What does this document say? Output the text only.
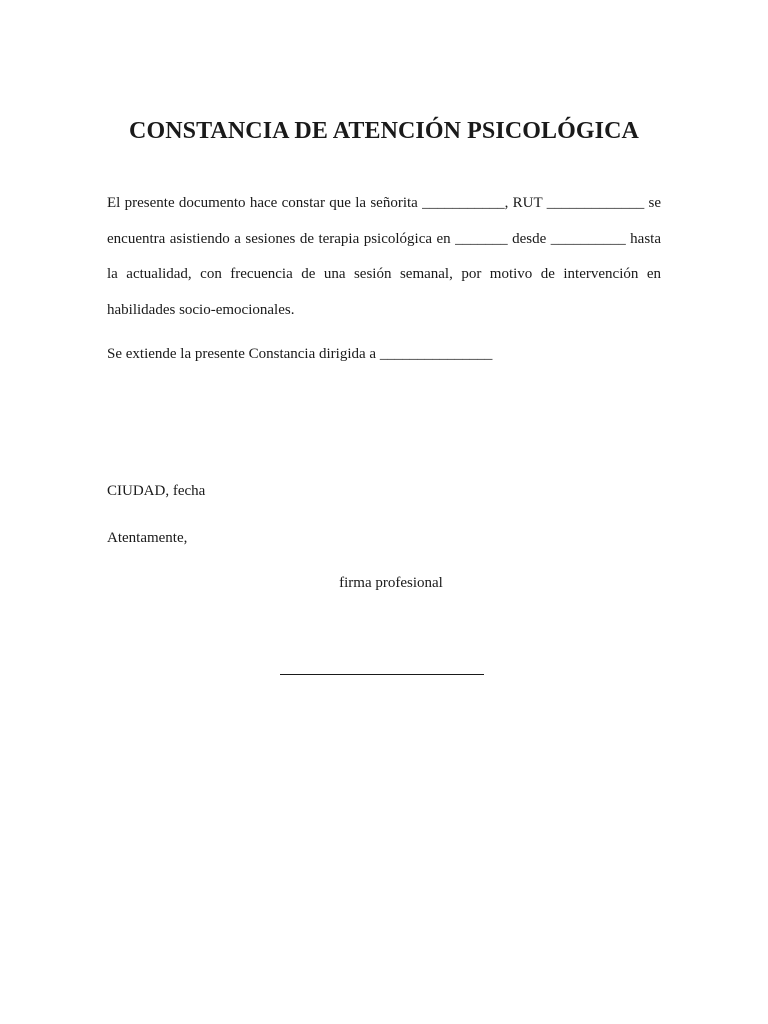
CONSTANCIA DE ATENCIÓN PSICOLÓGICA

El presente documento hace constar que la señorita ___________, RUT _____________ se encuentra asistiendo a sesiones de terapia psicológica en _______ desde __________ hasta la actualidad, con frecuencia de una sesión semanal, por motivo de intervención en habilidades socio-emocionales.

Se extiende la presente Constancia dirigida a _______________

CIUDAD, fecha

Atentamente,

firma profesional
